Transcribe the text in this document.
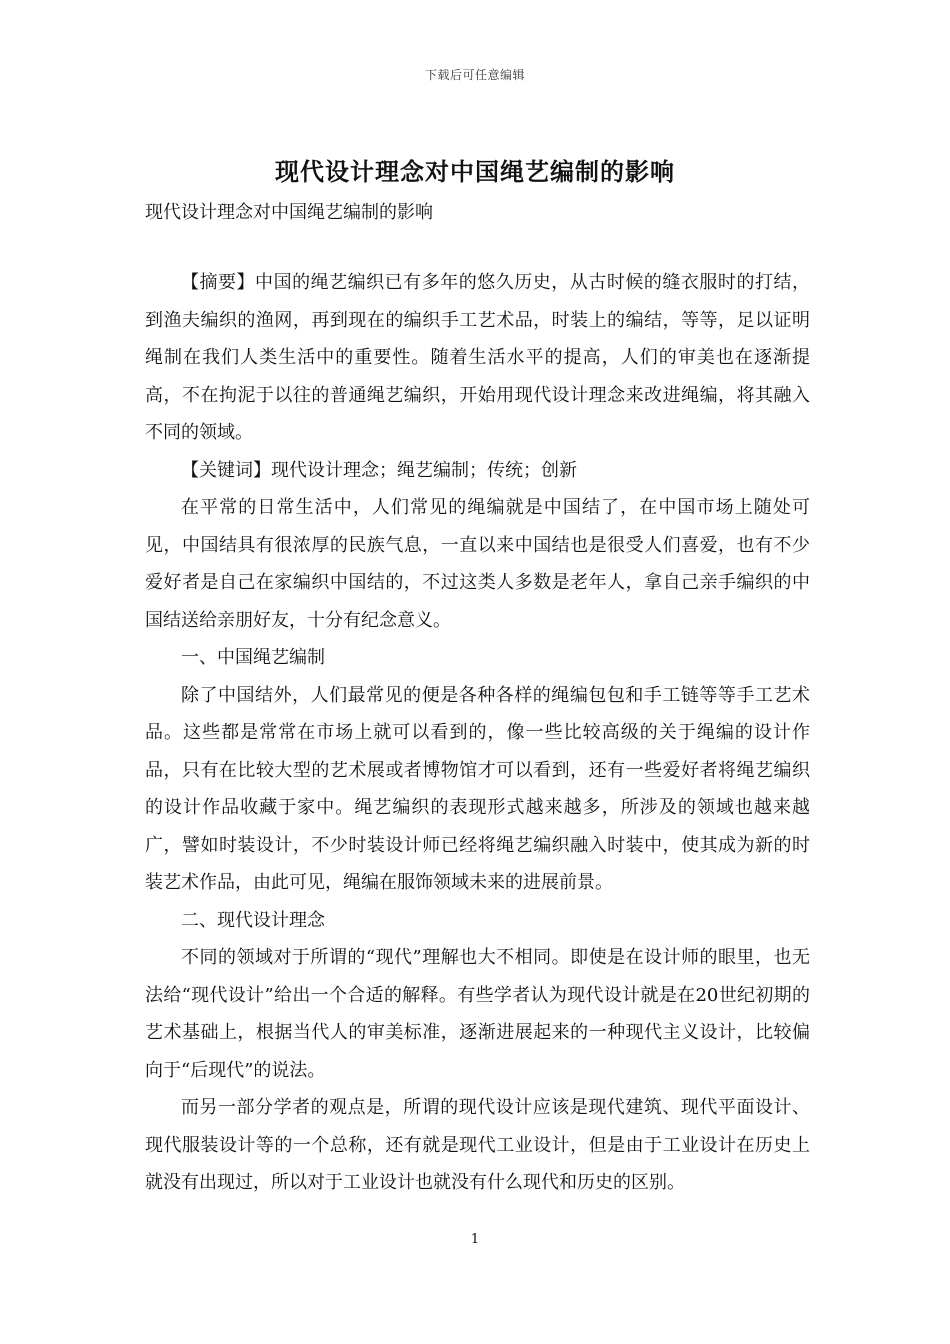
下载后可任意编辑
现代设计理念对中国绳艺编制的影响

现代设计理念对中国绳艺编制的影响

【摘要】中国的绳艺编织已有多年的悠久历史，从古时候的缝衣服时的打结，到渔夫编织的渔网，再到现在的编织手工艺术品，时装上的编结，等等，足以证明绳制在我们人类生活中的重要性。随着生活水平的提高，人们的审美也在逐渐提高，不在拘泥于以往的普通绳艺编织，开始用现代设计理念来改进绳编，将其融入不同的领域。

【关键词】现代设计理念；绳艺编制；传统；创新

在平常的日常生活中，人们常见的绳编就是中国结了，在中国市场上随处可见，中国结具有很浓厚的民族气息，一直以来中国结也是很受人们喜爱，也有不少爱好者是自己在家编织中国结的，不过这类人多数是老年人，拿自己亲手编织的中国结送给亲朋好友，十分有纪念意义。

一、中国绳艺编制

除了中国结外，人们最常见的便是各种各样的绳编包包和手工链等等手工艺术品。这些都是常常在市场上就可以看到的，像一些比较高级的关于绳编的设计作品，只有在比较大型的艺术展或者博物馆才可以看到，还有一些爱好者将绳艺编织的设计作品收藏于家中。绳艺编织的表现形式越来越多，所涉及的领域也越来越广，譬如时装设计，不少时装设计师已经将绳艺编织融入时装中，使其成为新的时装艺术作品，由此可见，绳编在服饰领域未来的进展前景。

二、现代设计理念

不同的领域对于所谓的“现代”理解也大不相同。即使是在设计师的眼里，也无法给“现代设计”给出一个合适的解释。有些学者认为现代设计就是在20世纪初期的艺术基础上，根据当代人的审美标准，逐渐进展起来的一种现代主义设计，比较偏向于“后现代”的说法。

而另一部分学者的观点是，所谓的现代设计应该是现代建筑、现代平面设计、现代服装设计等的一个总称，还有就是现代工业设计，但是由于工业设计在历史上就没有出现过，所以对于工业设计也就没有什么现代和历史的区别。

1
